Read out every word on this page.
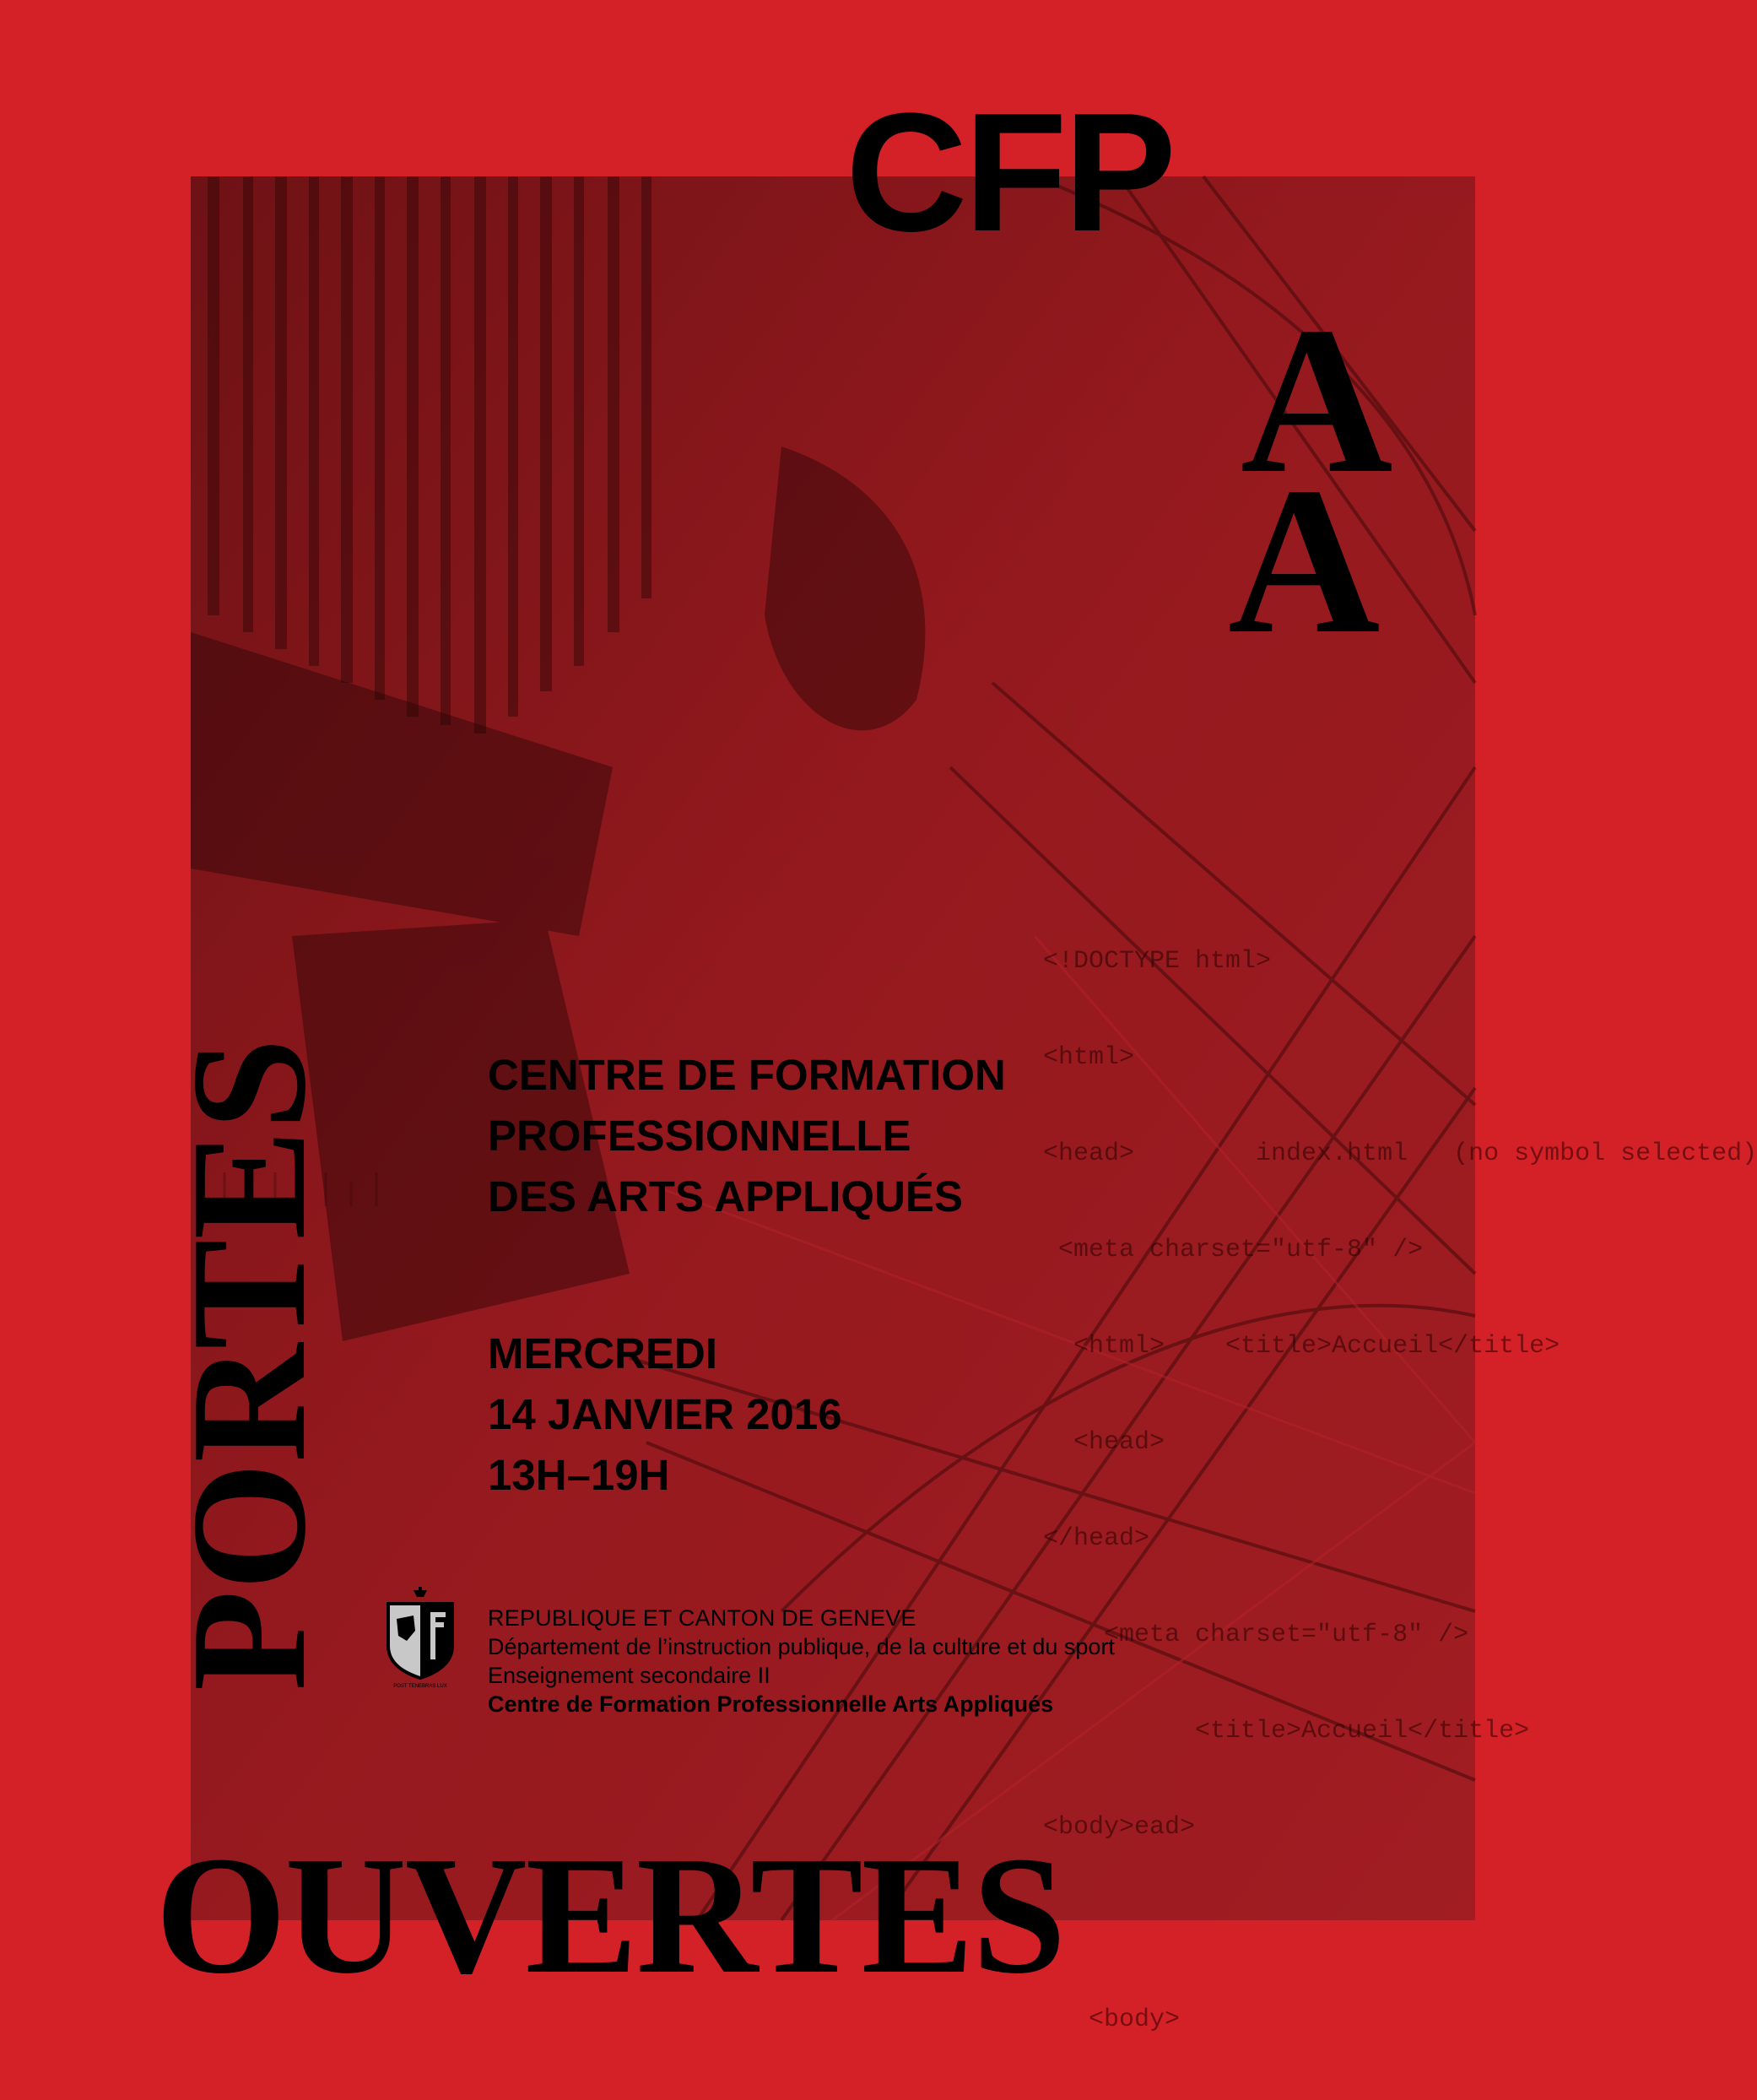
<!DOCTYPE html>

<html>

<head>        index.html   (no symbol selected)

<meta charset="utf-8" />

<html>    <title>Accueil</title>

<head>

</head>

<meta charset="utf-8" />

<title>Accueil</title>

<body>ead>

<body>

CFP
A
A
PORTES
OUVERTES
CENTRE DE FORMATION
PROFESSIONNELLE
DES ARTS APPLIQUÉS
MERCREDI
14 JANVIER 2016
13H–19H
POST TENEBRAS LUX
REPUBLIQUE ET CANTON DE GENEVE
Département de l’instruction publique, de la culture et du sport
Enseignement secondaire II
Centre de Formation Professionnelle Arts Appliqués
